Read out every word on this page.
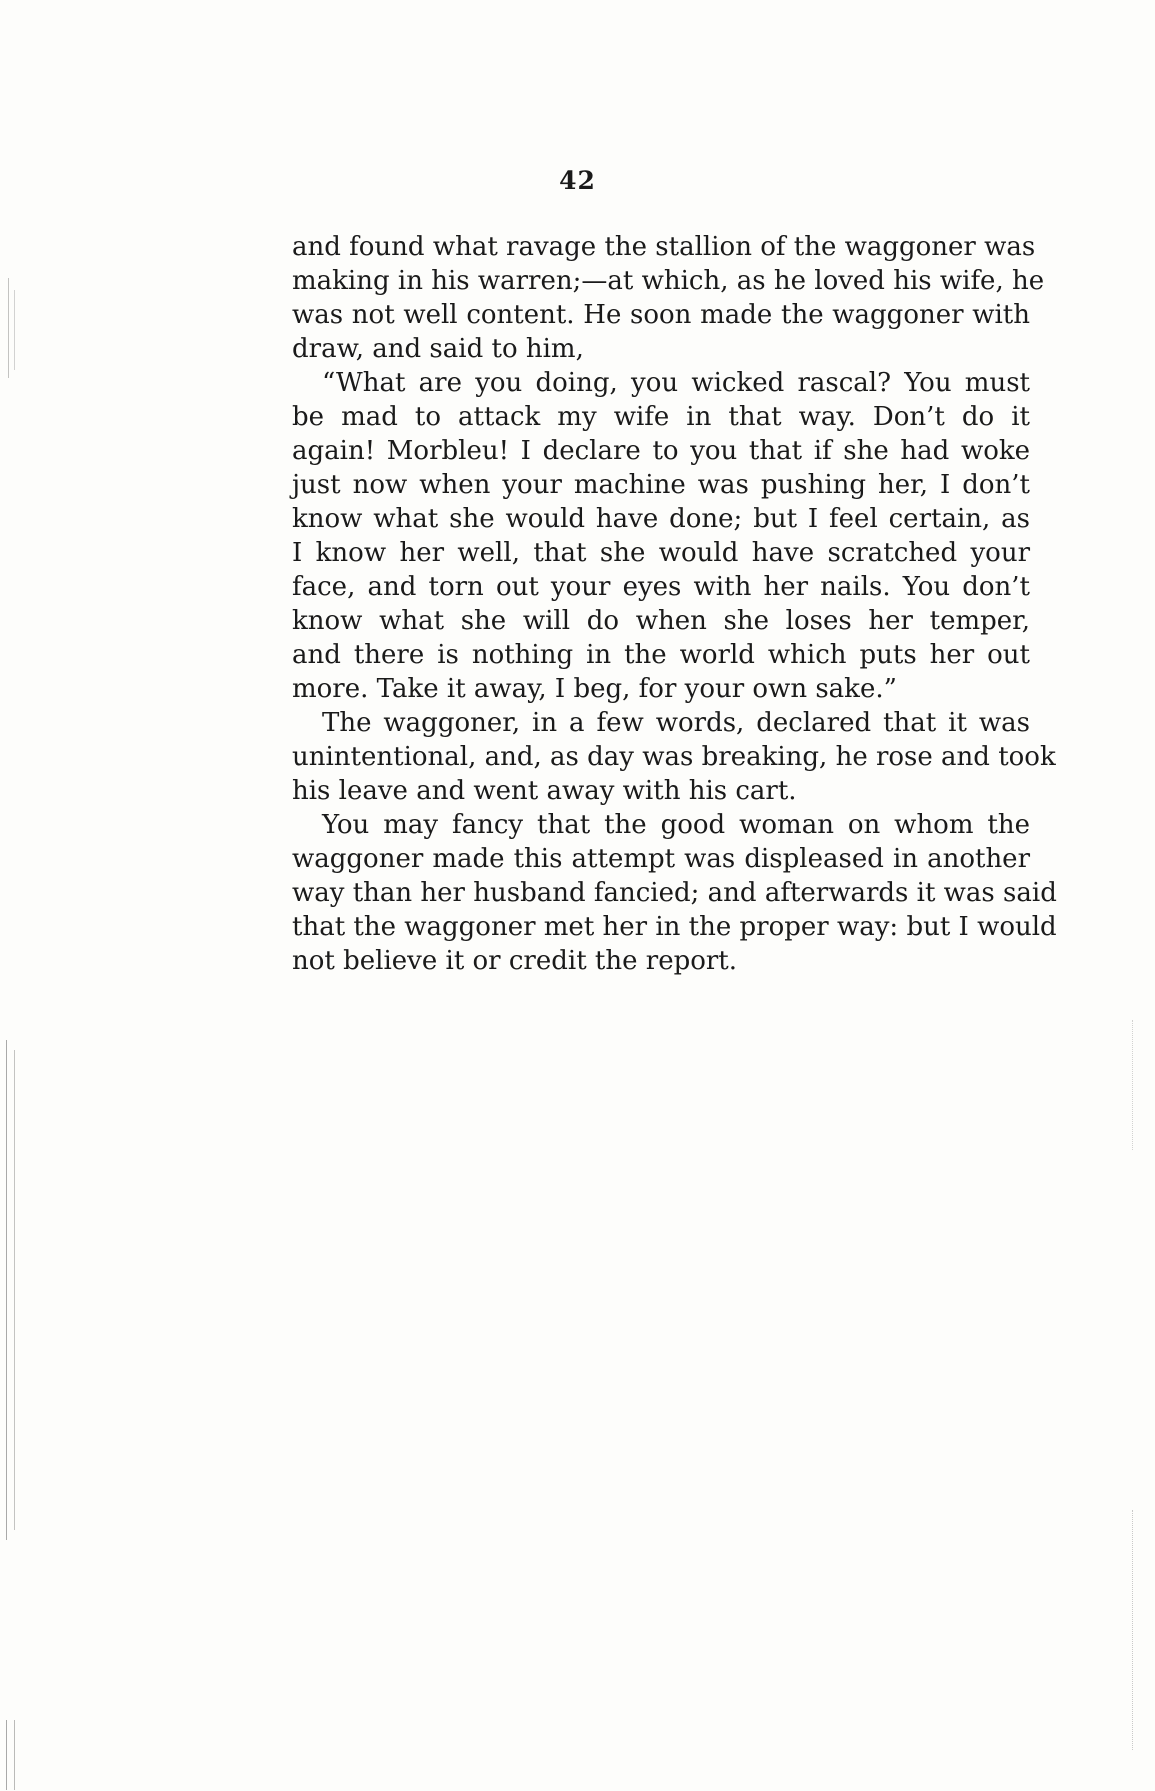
42
and found what ravage the stallion of the waggoner was
making in his warren;—at which, as he loved his wife, he
was not well content. He soon made the waggoner with
draw, and said to him,
“What are you doing, you wicked rascal? You must
be mad to attack my wife in that way. Don’t do it
again! Morbleu! I declare to you that if she had woke
just now when your machine was pushing her, I don’t
know what she would have done; but I feel certain, as
I know her well, that she would have scratched your
face, and torn out your eyes with her nails. You don’t
know what she will do when she loses her temper,
and there is nothing in the world which puts her out
more. Take it away, I beg, for your own sake.”
The waggoner, in a few words, declared that it was
unintentional, and, as day was breaking, he rose and took
his leave and went away with his cart.
You may fancy that the good woman on whom the
waggoner made this attempt was displeased in another
way than her husband fancied; and afterwards it was said
that the waggoner met her in the proper way: but I would
not believe it or credit the report.
